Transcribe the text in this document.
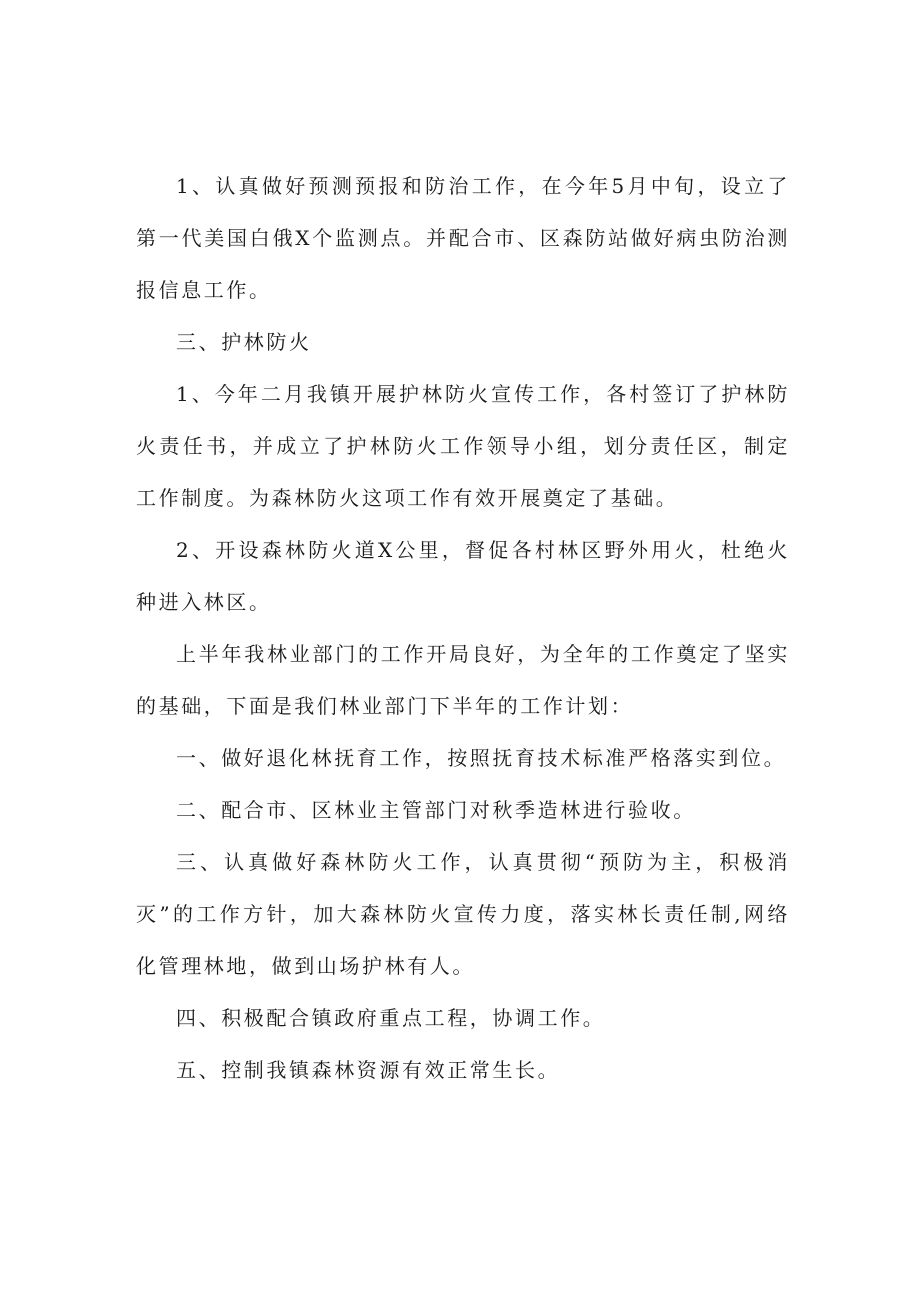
1、认真做好预测预报和防治工作，在今年5月中旬，设立了第一代美国白俄X个监测点。并配合市、区森防站做好病虫防治测报信息工作。

三、护林防火

1、今年二月我镇开展护林防火宣传工作，各村签订了护林防火责任书，并成立了护林防火工作领导小组，划分责任区，制定工作制度。为森林防火这项工作有效开展奠定了基础。

2、开设森林防火道X公里，督促各村林区野外用火，杜绝火种进入林区。

上半年我林业部门的工作开局良好，为全年的工作奠定了坚实的基础，下面是我们林业部门下半年的工作计划：

一、做好退化林抚育工作，按照抚育技术标准严格落实到位。

二、配合市、区林业主管部门对秋季造林进行验收。

三、认真做好森林防火工作，认真贯彻“预防为主，积极消灭”的工作方针，加大森林防火宣传力度，落实林长责任制,网络化管理林地，做到山场护林有人。

四、积极配合镇政府重点工程，协调工作。

五、控制我镇森林资源有效正常生长。
